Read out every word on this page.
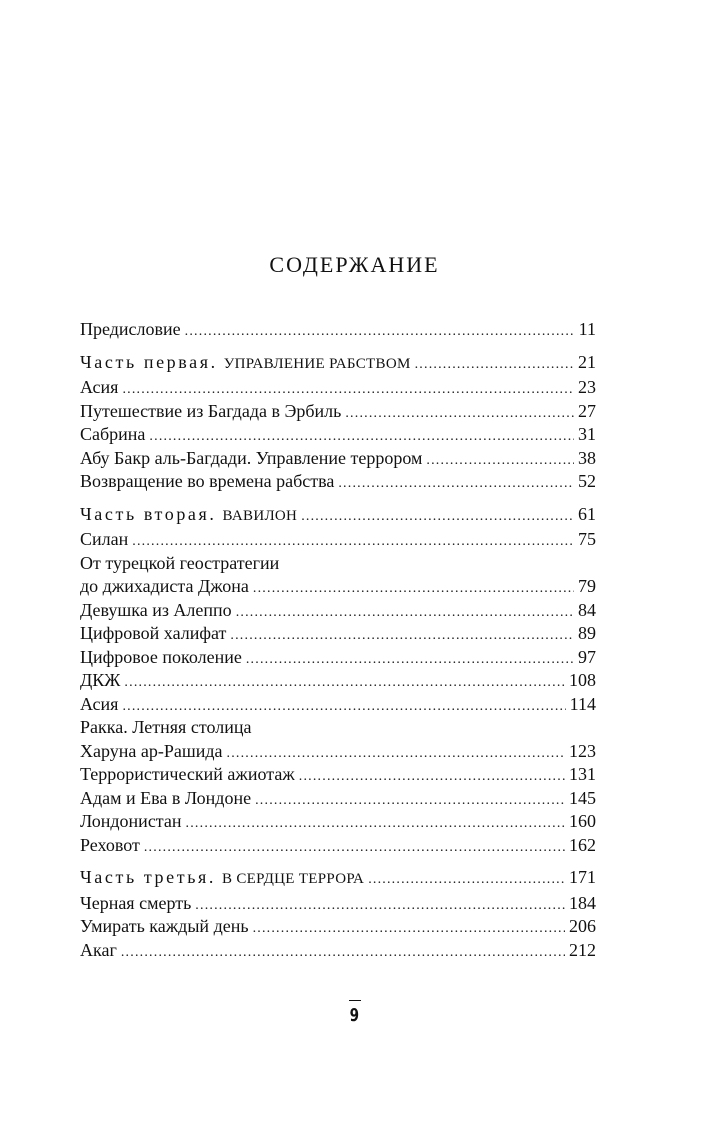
СОДЕРЖАНИЕ
Предисловие .....	11
Часть первая. УПРАВЛЕНИЕ РАБСТВОМ .....	21
Асия .....	23
Путешествие из Багдада в Эрбиль .....	27
Сабрина .....	31
Абу Бакр аль-Багдади. Управление террором .....	38
Возвращение во времена рабства .....	52
Часть вторая. ВАВИЛОН .....	61
Силан .....	75
От турецкой геостратегии
до джихадиста Джона .....	79
Девушка из Алеппо .....	84
Цифровой халифат .....	89
Цифровое поколение .....	97
ДКЖ .....	108
Асия .....	114
Ракка. Летняя столица
Харуна ар-Рашида .....	123
Террористический ажиотаж .....	131
Адам и Ева в Лондоне .....	145
Лондонистан .....	160
Реховот .....	162
Часть третья. В СЕРДЦЕ ТЕРРОРА .....	171
Черная смерть .....	184
Умирать каждый день .....	206
Акаг .....	212
9
